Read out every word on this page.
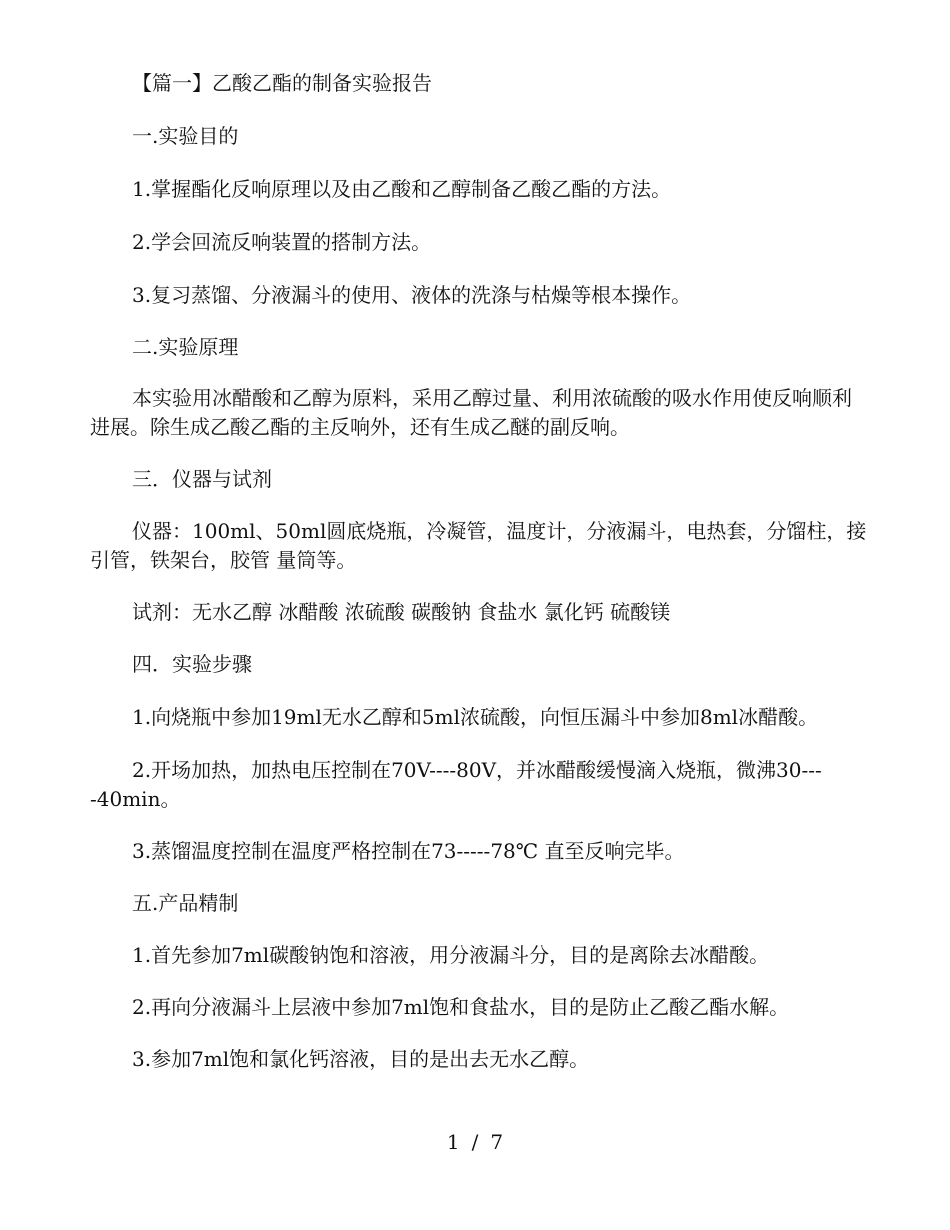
【篇一】乙酸乙酯的制备实验报告
一.实验目的
1.掌握酯化反响原理以及由乙酸和乙醇制备乙酸乙酯的方法。
2.学会回流反响装置的搭制方法。
3.复习蒸馏、分液漏斗的使用、液体的洗涤与枯燥等根本操作。
二.实验原理
本实验用冰醋酸和乙醇为原料，采用乙醇过量、利用浓硫酸的吸水作用使反响顺利进展。除生成乙酸乙酯的主反响外，还有生成乙醚的副反响。
三．仪器与试剂
仪器：100ml、50ml圆底烧瓶，冷凝管，温度计，分液漏斗，电热套，分馏柱，接引管，铁架台，胶管 量筒等。
试剂：无水乙醇 冰醋酸 浓硫酸 碳酸钠 食盐水 氯化钙 硫酸镁
四．实验步骤
1.向烧瓶中参加19ml无水乙醇和5ml浓硫酸，向恒压漏斗中参加8ml冰醋酸。
2.开场加热，加热电压控制在70V----80V，并冰醋酸缓慢滴入烧瓶，微沸30----40min。
3.蒸馏温度控制在温度严格控制在73-----78℃ 直至反响完毕。
五.产品精制
1.首先参加7ml碳酸钠饱和溶液，用分液漏斗分，目的是离除去冰醋酸。
2.再向分液漏斗上层液中参加7ml饱和食盐水，目的是防止乙酸乙酯水解。
3.参加7ml饱和氯化钙溶液，目的是出去无水乙醇。
1 / 7
